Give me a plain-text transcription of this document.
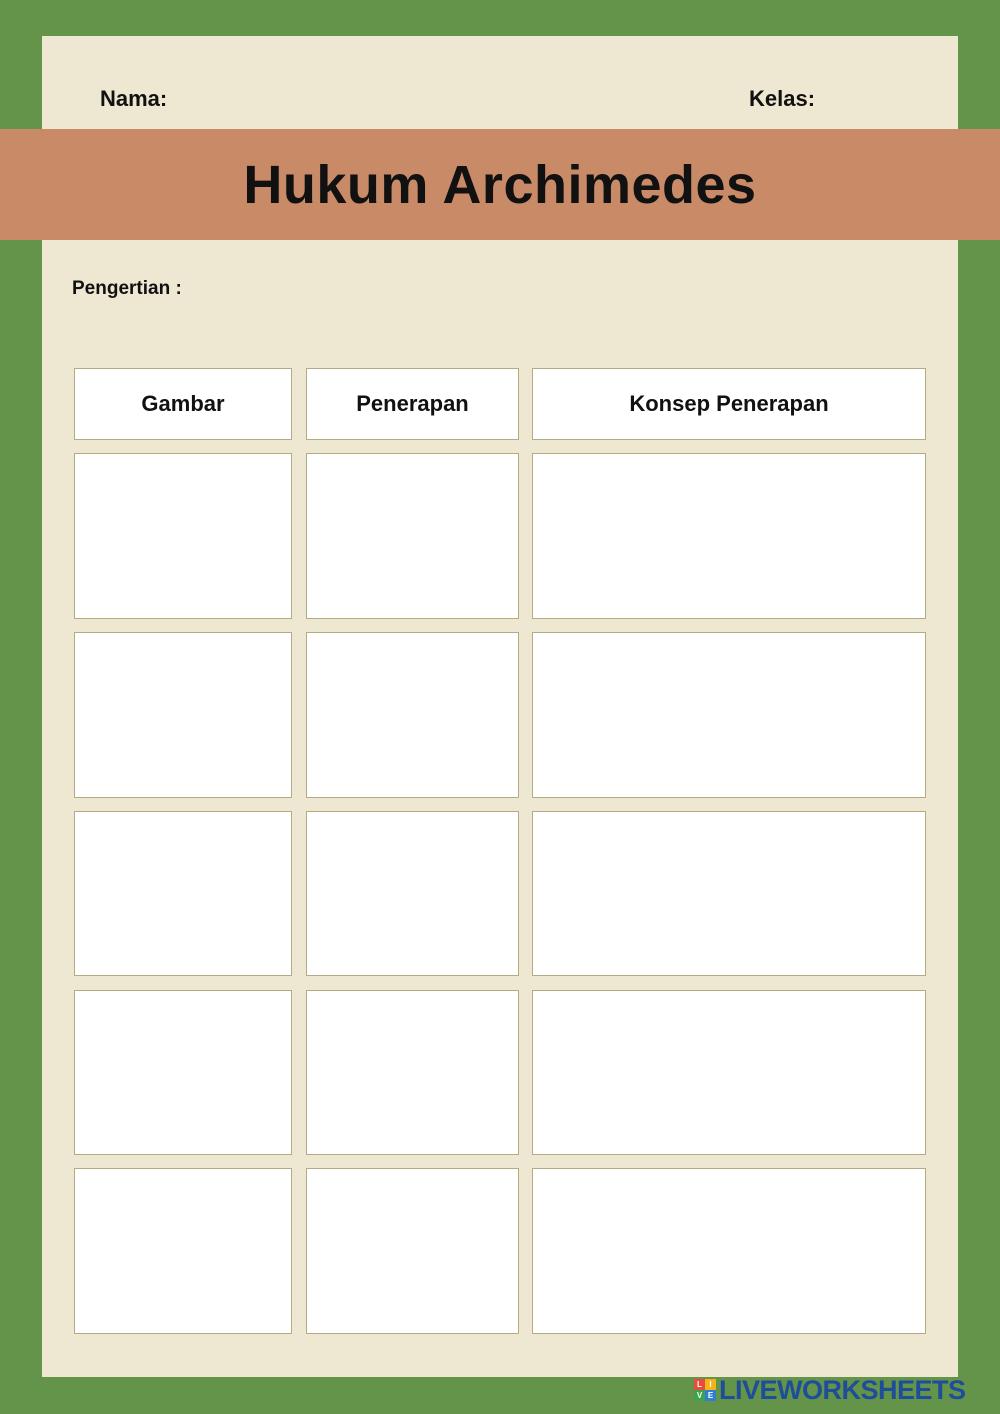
Nama:	Kelas:
Hukum Archimedes
Pengertian :
Gambar	Penerapan	Konsep Penerapan
L I
V E LIVEWORKSHEETS
